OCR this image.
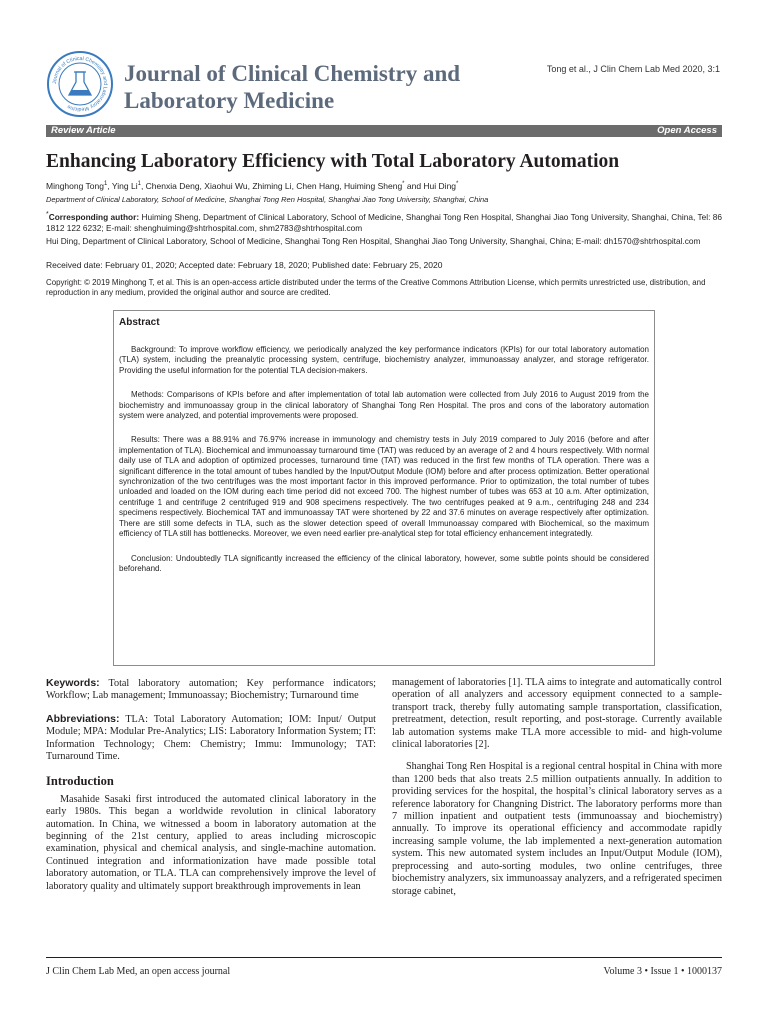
Journal of Clinical Chemistry and Laboratory Medicine
Journal of Clinical Chemistry and Laboratory Medicine
Tong et al., J Clin Chem Lab Med 2020, 3:1
Review Article	Open Access
Enhancing Laboratory Efficiency with Total Laboratory Automation
Minghong Tong$^1$, Ying Li$^1$, Chenxia Deng, Xiaohui Wu, Zhiming Li, Chen Hang, Huiming Sheng* and Hui Ding*
Department of Clinical Laboratory, School of Medicine, Shanghai Tong Ren Hospital, Shanghai Jiao Tong University, Shanghai, China
*Corresponding author: Huiming Sheng, Department of Clinical Laboratory, School of Medicine, Shanghai Tong Ren Hospital, Shanghai Jiao Tong University, Shanghai, China, Tel: 86 1812 122 6232; E-mail: shenghuiming@shtrhospital.com, shm2783@shtrhospital.com
Hui Ding, Department of Clinical Laboratory, School of Medicine, Shanghai Tong Ren Hospital, Shanghai Jiao Tong University, Shanghai, China; E-mail: dh1570@shtrhospital.com
Received date: February 01, 2020; Accepted date: February 18, 2020; Published date: February 25, 2020
Copyright: © 2019 Minghong T, et al. This is an open-access article distributed under the terms of the Creative Commons Attribution License, which permits unrestricted use, distribution, and reproduction in any medium, provided the original author and source are credited.
Abstract

Background: To improve workflow efficiency, we periodically analyzed the key performance indicators (KPIs) for our total laboratory automation (TLA) system, including the preanalytic processing system, centrifuge, biochemistry analyzer, immunoassay analyzer, and storage refrigerator. Providing the useful information for the potential TLA decision-makers.

Methods: Comparisons of KPIs before and after implementation of total lab automation were collected from July 2016 to August 2019 from the biochemistry and immunoassay group in the clinical laboratory of Shanghai Tong Ren Hospital. The pros and cons of the laboratory automation system were analyzed, and potential improvements were proposed.

Results: There was a 88.91% and 76.97% increase in immunology and chemistry tests in July 2019 compared to July 2016 (before and after implementation of TLA). Biochemical and immunoassay turnaround time (TAT) was reduced by an average of 2 and 4 hours respectively. With normal daily use of TLA and adoption of optimized processes, turnaround time (TAT) was reduced in the first few months of TLA operation. There was a significant difference in the total amount of tubes handled by the Input/Output Module (IOM) before and after process optimization. Better operational synchronization of the two centrifuges was the most important factor in this improved performance. Prior to optimization, the total number of tubes unloaded and loaded on the IOM during each time period did not exceed 700. The highest number of tubes was 653 at 10 a.m. After optimization, centrifuge 1 and centrifuge 2 centrifuged 919 and 908 specimens respectively. The two centrifuges peaked at 9 a.m., centrifuging 248 and 234 specimens respectively. Biochemical TAT and immunoassay TAT were shortened by 22 and 37.6 minutes on average respectively after optimization. There are still some defects in TLA, such as the slower detection speed of overall Immunoassay compared with Biochemical, so the maximum efficiency of TLA still has bottlenecks. Moreover, we even need earlier pre-analytical step for total efficiency enhancement integratedly.

Conclusion: Undoubtedly TLA significantly increased the efficiency of the clinical laboratory, however, some subtle points should be considered beforehand.

Keywords: Total laboratory automation; Key performance indicators; Workflow; Lab management; Immunoassay; Biochemistry; Turnaround time

Abbreviations: TLA: Total Laboratory Automation; IOM: Input/ Output Module; MPA: Modular Pre-Analytics; LIS: Laboratory Information System; IT: Information Technology; Chem: Chemistry; Immu: Immunology; TAT: Turnaround Time.

Introduction

Masahide Sasaki first introduced the automated clinical laboratory in the early 1980s. This began a worldwide revolution in clinical laboratory automation. In China, we witnessed a boom in laboratory automation at the beginning of the 21st century, applied to areas including microscopic examination, physical and chemical analysis, and single-machine automation. Continued integration and informationization have made possible total laboratory automation, or TLA. TLA can comprehensively improve the level of laboratory quality and ultimately support breakthrough improvements in lean

management of laboratories [1]. TLA aims to integrate and automatically control operation of all analyzers and accessory equipment connected to a sample-transport track, thereby fully automating sample transportation, classification, pretreatment, detection, result reporting, and post-storage. Currently available lab automation systems make TLA more accessible to mid- and high-volume clinical laboratories [2].

Shanghai Tong Ren Hospital is a regional central hospital in China with more than 1200 beds that also treats 2.5 million outpatients annually. In addition to providing services for the hospital, the hospital’s clinical laboratory serves as a reference laboratory for Changning District. The laboratory performs more than 7 million inpatient and outpatient tests (immunoassay and biochemistry) annually. To improve its operational efficiency and accommodate rapidly increasing sample volume, the lab implemented a next-generation automation system. This new automated system includes an Input/Output Module (IOM), preprocessing and auto-sorting modules, two online centrifuges, three biochemistry analyzers, six immunoassay analyzers, and a refrigerated specimen storage cabinet,

J Clin Chem Lab Med, an open access journal	Volume 3 • Issue 1 • 1000137
